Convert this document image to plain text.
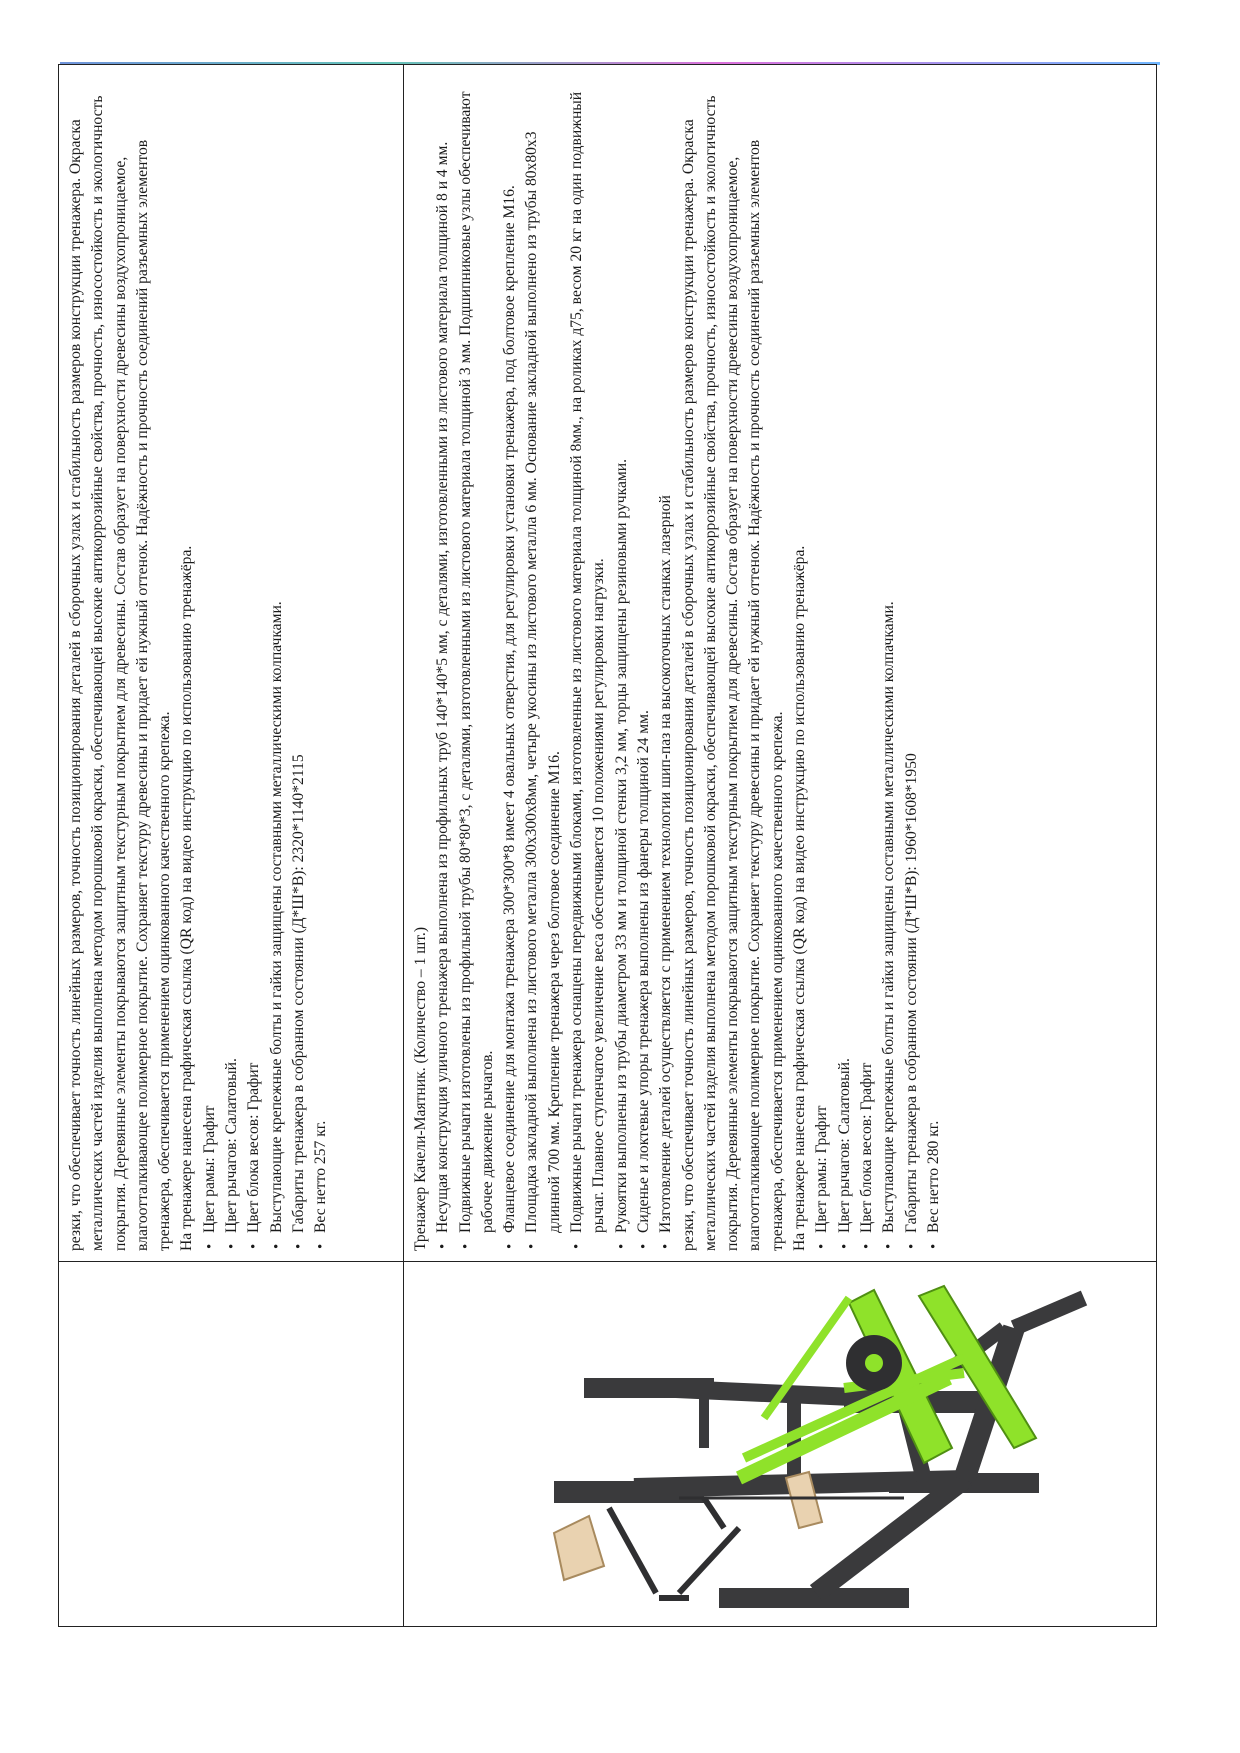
резки, что обеспечивает точность линейных размеров, точность позиционирования деталей в сборочных узлах и стабильность размеров конструкции тренажера. Окраска металлических частей изделия выполнена методом порошковой окраски, обеспечивающей высокие антикоррозийные свойства, прочность, износостойкость и экологичность покрытия. Деревянные элементы покрываются защитным текстурным покрытием для древесины. Состав образует на поверхности древесины воздухопроницаемое, влагоотталкивающее полимерное покрытие. Сохраняет текстуру древесины и придает ей нужный оттенок. Надёжность и прочность соединений разъемных элементов тренажера, обеспечивается применением оцинкованного качественного крепежа. На тренажере нанесена графическая ссылка (QR код) на видео инструкцию по использованию тренажёра. • Цвет рамы: Графит • Цвет рычагов: Салатовый. • Цвет блока весов: Графит • Выступающие крепежные болты и гайки защищены составными металлическими колпачками. • Габариты тренажера в собранном состоянии (Д*Ш*В): 2320*1140*2115 • Вес нетто 257 кг.	Тренажер Качели-Маятник. (Количество – 1 шт.) • Несущая конструкция уличного тренажера выполнена из профильных труб 140*140*5 мм, с деталями, изготовленными из листового материала толщиной 8 и 4 мм. • Подвижные рычаги изготовлены из профильной трубы 80*80*3, с деталями, изготовленными из листового материала толщиной 3 мм. Подшипниковые узлы обеспечивают рабочее движение рычагов. • Фланцевое соединение для монтажа тренажера 300*300*8 имеет 4 овальных отверстия, для регулировки установки тренажера, под болтовое крепление М16. • Площадка закладной выполнена из листового металла 300x300x8мм, четыре укосины из листового металла 6 мм. Основание закладной выполнено из трубы 80х80х3 длинной 700 мм. Крепление тренажера через болтовое соединение М16. • Подвижные рычаги тренажера оснащены передвижными блоками, изготовленные из листового материала толщиной 8мм., на роликах д75, весом 20 кг на один подвижный рычаг. Плавное ступенчатое увеличение веса обеспечивается 10 положениями регулировки нагрузки. • Рукоятки выполнены из трубы диаметром 33 мм и толщиной стенки 3,2 мм, торцы защищены резиновыми ручками. • Сиденье и локтевые упоры тренажера выполнены из фанеры толщиной 24 мм. • Изготовление деталей осуществляется с применением технологии шип-паз на высокоточных станках лазерной резки, что обеспечивает точность линейных размеров, точность позиционирования деталей в сборочных узлах и стабильность размеров конструкции тренажера. Окраска металлических частей изделия выполнена методом порошковой окраски, обеспечивающей высокие антикоррозийные свойства, прочность, износостойкость и экологичность покрытия. Деревянные элементы покрываются защитным текстурным покрытием для древесины. Состав образует на поверхности древесины воздухопроницаемое, влагоотталкивающее полимерное покрытие. Сохраняет текстуру древесины и придает ей нужный оттенок. Надёжность и прочность соединений разъемных элементов тренажера, обеспечивается применением оцинкованного качественного крепежа. На тренажере нанесена графическая ссылка (QR код) на видео инструкцию по использованию тренажёра. • Цвет рамы: Графит • Цвет рычагов: Салатовый. • Цвет блока весов: Графит • Выступающие крепежные болты и гайки защищены составными металлическими колпачками. • Габариты тренажера в собранном состоянии (Д*Ш*В): 1960*1608*1950 • Вес нетто 280 кг.
